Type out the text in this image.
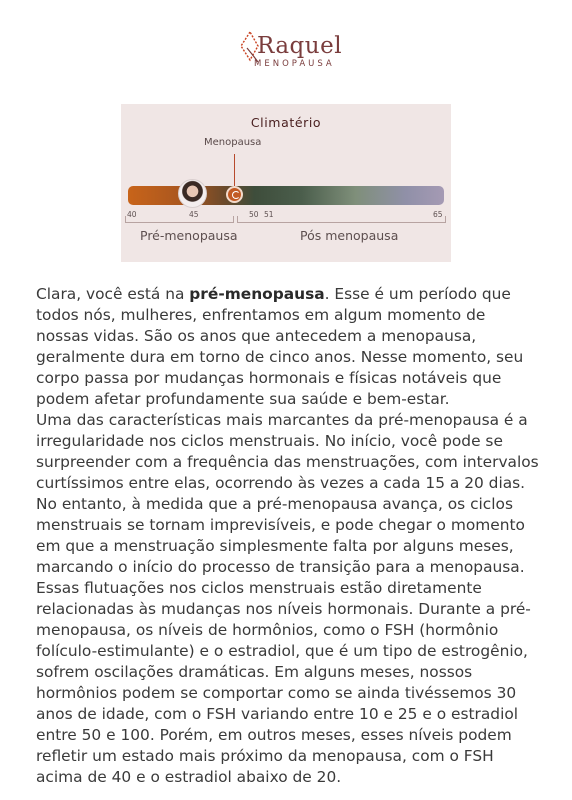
Raquel
MENOPAUSA
Climatério
Menopausa
40	45	50 51	65
Pré-menopausa	Pós menopausa

Clara, você está na pré-menopausa. Esse é um período que todos nós, mulheres, enfrentamos em algum momento de nossas vidas. São os anos que antecedem a menopausa, geralmente dura em torno de cinco anos. Nesse momento, seu corpo passa por mudanças hormonais e físicas notáveis que podem afetar profundamente sua saúde e bem-estar.

Uma das características mais marcantes da pré-menopausa é a irregularidade nos ciclos menstruais. No início, você pode se surpreender com a frequência das menstruações, com intervalos curtíssimos entre elas, ocorrendo às vezes a cada 15 a 20 dias. No entanto, à medida que a pré-menopausa avança, os ciclos menstruais se tornam imprevisíveis, e pode chegar o momento em que a menstruação simplesmente falta por alguns meses, marcando o início do processo de transição para a menopausa.

Essas flutuações nos ciclos menstruais estão diretamente relacionadas às mudanças nos níveis hormonais. Durante a pré-menopausa, os níveis de hormônios, como o FSH (hormônio folículo-estimulante) e o estradiol, que é um tipo de estrogênio, sofrem oscilações dramáticas. Em alguns meses, nossos hormônios podem se comportar como se ainda tivéssemos 30 anos de idade, com o FSH variando entre 10 e 25 e o estradiol entre 50 e 100. Porém, em outros meses, esses níveis podem refletir um estado mais próximo da menopausa, com o FSH acima de 40 e o estradiol abaixo de 20.
